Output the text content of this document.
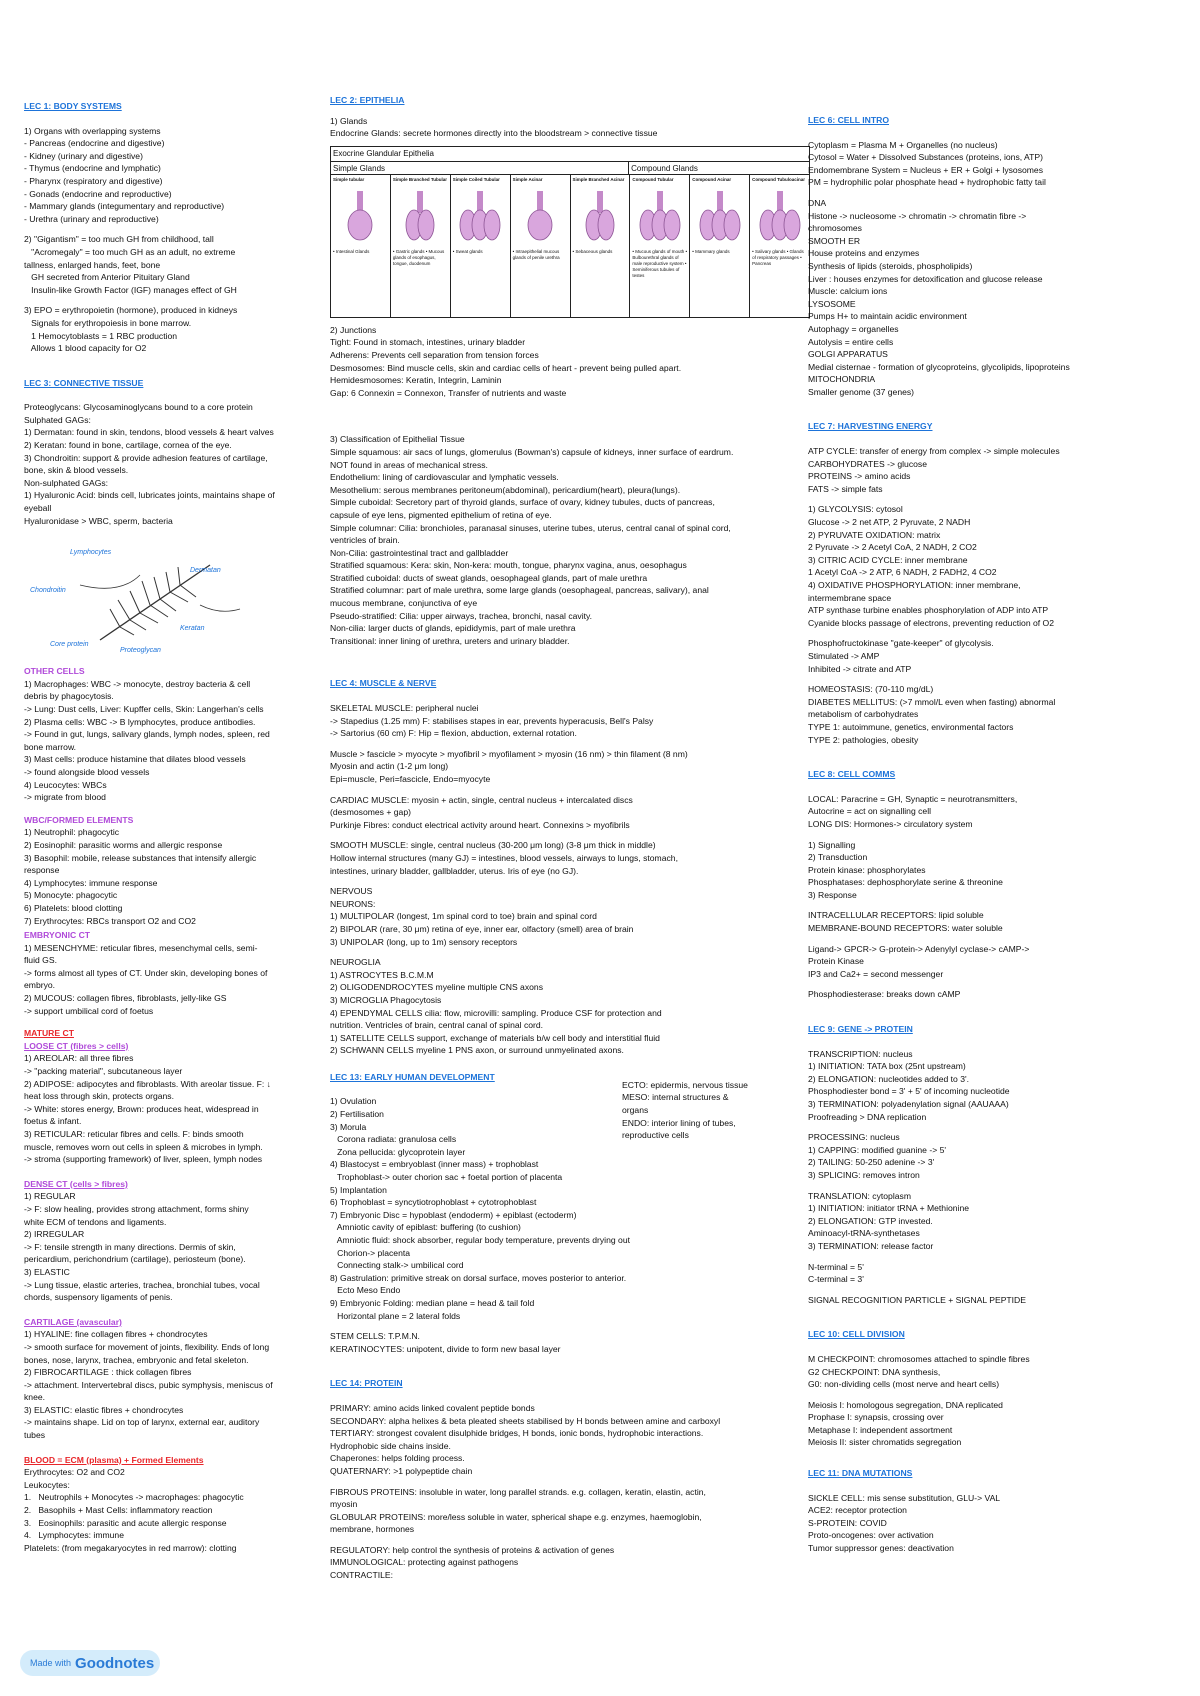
LEC 1: BODY SYSTEMS
1) Organs with overlapping systems
- Pancreas (endocrine and digestive)
- Kidney (urinary and digestive)
- Thymus (endocrine and lymphatic)
- Pharynx (respiratory and digestive)
- Gonads (endocrine and reproductive)
- Mammary glands (integumentary and reproductive)
- Urethra (urinary and reproductive)

2) "Gigantism" = too much GH from childhood, tall
"Acromegaly" = too much GH as an adult, no extreme
tallness, enlarged hands, feet, bone
GH secreted from Anterior Pituitary Gland
Insulin-like Growth Factor (IGF) manages effect of GH

3) EPO = erythropoietin (hormone), produced in kidneys
Signals for erythropoiesis in bone marrow.
1 Hemocytoblasts = 1 RBC production
Allows 1 blood capacity for O2
LEC 3: CONNECTIVE TISSUE
Proteoglycans: Glycosaminoglycans bound to a core protein
Sulphated GAGs:
1) Dermatan: found in skin, tendons, blood vessels & heart valves
2) Keratan: found in bone, cartilage, cornea of the eye.
3) Chondroitin: support & provide adhesion features of cartilage,
bone, skin & blood vessels.
Non-sulphated GAGs:
1) Hyaluronic Acid: binds cell, lubricates joints, maintains shape of
eyeball
Hyaluronidase > WBC, sperm, bacteria
Lymphocytes
Dermatan
Chondroitin
Keratan
Core protein
Proteoglycan
OTHER CELLS
1) Macrophages: WBC -> monocyte, destroy bacteria & cell
debris by phagocytosis.
-> Lung: Dust cells, Liver: Kupffer cells, Skin: Langerhan's cells
2) Plasma cells: WBC -> B lymphocytes, produce antibodies.
-> Found in gut, lungs, salivary glands, lymph nodes, spleen, red
bone marrow.
3) Mast cells: produce histamine that dilates blood vessels
-> found alongside blood vessels
4) Leucocytes: WBCs
-> migrate from blood
WBC/FORMED ELEMENTS
1) Neutrophil: phagocytic
2) Eosinophil: parasitic worms and allergic response
3) Basophil: mobile, release substances that intensify allergic
response
4) Lymphocytes: immune response
5) Monocyte: phagocytic
6) Platelets: blood clotting
7) Erythrocytes: RBCs transport O2 and CO2
EMBRYONIC CT
1) MESENCHYME: reticular fibres, mesenchymal cells, semi-
fluid GS.
-> forms almost all types of CT. Under skin, developing bones of
embryo.
2) MUCOUS: collagen fibres, fibroblasts, jelly-like GS
-> support umbilical cord of foetus
MATURE CT
LOOSE CT (fibres > cells)
1) AREOLAR: all three fibres
-> "packing material", subcutaneous layer
2) ADIPOSE: adipocytes and fibroblasts. With areolar tissue. F: ↓
heat loss through skin, protects organs.
-> White: stores energy, Brown: produces heat, widespread in
foetus & infant.
3) RETICULAR: reticular fibres and cells. F: binds smooth
muscle, removes worn out cells in spleen & microbes in lymph.
-> stroma (supporting framework) of liver, spleen, lymph nodes
DENSE CT (cells > fibres)
1) REGULAR
-> F: slow healing, provides strong attachment, forms shiny
white ECM of tendons and ligaments.
2) IRREGULAR
-> F: tensile strength in many directions. Dermis of skin,
pericardium, perichondrium (cartilage), periosteum (bone).
3) ELASTIC
-> Lung tissue, elastic arteries, trachea, bronchial tubes, vocal
chords, suspensory ligaments of penis.
CARTILAGE (avascular)
1) HYALINE: fine collagen fibres + chondrocytes
-> smooth surface for movement of joints, flexibility. Ends of long
bones, nose, larynx, trachea, embryonic and fetal skeleton.
2) FIBROCARTILAGE : thick collagen fibres
-> attachment. Intervertebral discs, pubic symphysis, meniscus of
knee.
3) ELASTIC: elastic fibres + chondrocytes
-> maintains shape. Lid on top of larynx, external ear, auditory
tubes
BLOOD = ECM (plasma) + Formed Elements
Erythrocytes: O2 and CO2
Leukocytes:
1.   Neutrophils + Monocytes -> macrophages: phagocytic
2.   Basophils + Mast Cells: inflammatory reaction
3.   Eosinophils: parasitic and acute allergic response
4.   Lymphocytes: immune
Platelets: (from megakaryocytes in red marrow): clotting
LEC 2: EPITHELIA
1) Glands
Endocrine Glands: secrete hormones directly into the bloodstream > connective tissue
Exocrine Glandular Epithelia
Simple Glands	Compound Glands
Simple tubular
• Intestinal Glands
Simple Branched Tubular
• Gastric glands • Mucous glands of esophagus, tongue, duodenum
Simple Coiled Tubular
• Sweat glands
Simple Acinar
• Intraepithelial mucous glands of penile urethra
Simple Branched Acinar
• Sebaceous glands
Compound Tubular
• Mucous glands of mouth • Bulbourethral glands of male reproductive system • Seminiferous tubules of testes
Compound Acinar
• Mammary glands
Compound Tubuloacinar
• Salivary glands • Glands of respiratory passages • Pancreas
2) Junctions
Tight: Found in stomach, intestines, urinary bladder
Adherens: Prevents cell separation from tension forces
Desmosomes: Bind muscle cells, skin and cardiac cells of heart - prevent being pulled apart.
Hemidesmosomes: Keratin, Integrin, Laminin
Gap: 6 Connexin = Connexon, Transfer of nutrients and waste
3) Classification of Epithelial Tissue
Simple squamous: air sacs of lungs, glomerulus (Bowman's) capsule of kidneys, inner surface of eardrum.
NOT found in areas of mechanical stress.
Endothelium: lining of cardiovascular and lymphatic vessels.
Mesothelium: serous membranes peritoneum(abdominal), pericardium(heart), pleura(lungs).
Simple cuboidal: Secretory part of thyroid glands, surface of ovary, kidney tubules, ducts of pancreas,
capsule of eye lens, pigmented epithelium of retina of eye.
Simple columnar: Cilia: bronchioles, paranasal sinuses, uterine tubes, uterus, central canal of spinal cord,
ventricles of brain.
Non-Cilia: gastrointestinal tract and gallbladder
Stratified squamous: Kera: skin, Non-kera: mouth, tongue, pharynx vagina, anus, oesophagus
Stratified cuboidal: ducts of sweat glands, oesophageal glands, part of male urethra
Stratified columnar: part of male urethra, some large glands (oesophageal, pancreas, salivary), anal
mucous membrane, conjunctiva of eye
Pseudo-stratified: Cilia: upper airways, trachea, bronchi, nasal cavity.
Non-cilia: larger ducts of glands, epididymis, part of male urethra
Transitional: inner lining of urethra, ureters and urinary bladder.
LEC 4: MUSCLE & NERVE
SKELETAL MUSCLE: peripheral nuclei
-> Stapedius (1.25 mm) F: stabilises stapes in ear, prevents hyperacusis, Bell's Palsy
-> Sartorius (60 cm) F: Hip = flexion, abduction, external rotation.

Muscle > fascicle > myocyte > myofibril > myofilament > myosin (16 nm) > thin filament (8 nm)
Myosin and actin (1-2 μm long)
Epi=muscle, Peri=fascicle, Endo=myocyte

CARDIAC MUSCLE: myosin + actin, single, central nucleus + intercalated discs
(desmosomes + gap)
Purkinje Fibres: conduct electrical activity around heart. Connexins > myofibrils

SMOOTH MUSCLE: single, central nucleus (30-200 μm long) (3-8 μm thick in middle)
Hollow internal structures (many GJ) = intestines, blood vessels, airways to lungs, stomach,
intestines, urinary bladder, gallbladder, uterus. Iris of eye (no GJ).

NERVOUS
NEURONS:
1) MULTIPOLAR (longest, 1m spinal cord to toe) brain and spinal cord
2) BIPOLAR (rare, 30 μm) retina of eye, inner ear, olfactory (smell) area of brain
3) UNIPOLAR (long, up to 1m) sensory receptors

NEUROGLIA
1) ASTROCYTES B.C.M.M
2) OLIGODENDROCYTES myeline multiple CNS axons
3) MICROGLIA Phagocytosis
4) EPENDYMAL CELLS cilia: flow, microvilli: sampling. Produce CSF for protection and
nutrition. Ventricles of brain, central canal of spinal cord.
1) SATELLITE CELLS support, exchange of materials b/w cell body and interstitial fluid
2) SCHWANN CELLS myeline 1 PNS axon, or surround unmyelinated axons.
LEC 13: EARLY HUMAN DEVELOPMENT
1) Ovulation
2) Fertilisation
3) Morula
Corona radiata: granulosa cells
Zona pellucida: glycoprotein layer
4) Blastocyst = embryoblast (inner mass) + trophoblast
Trophoblast-> outer chorion sac + foetal portion of placenta
5) Implantation
6) Trophoblast = syncytiotrophoblast + cytotrophoblast
7) Embryonic Disc = hypoblast (endoderm) + epiblast (ectoderm)
Amniotic cavity of epiblast: buffering (to cushion)
Amniotic fluid: shock absorber, regular body temperature, prevents drying out
Chorion-> placenta
Connecting stalk-> umbilical cord
8) Gastrulation: primitive streak on dorsal surface, moves posterior to anterior.
Ecto Meso Endo
9) Embryonic Folding: median plane = head & tail fold
Horizontal plane = 2 lateral folds

STEM CELLS: T.P.M.N.
KERATINOCYTES: unipotent, divide to form new basal layer
ECTO: epidermis, nervous tissue
MESO: internal structures &
organs
ENDO: interior lining of tubes,
reproductive cells
LEC 14: PROTEIN
PRIMARY: amino acids linked covalent peptide bonds
SECONDARY: alpha helixes & beta pleated sheets stabilised by H bonds between amine and carboxyl
TERTIARY: strongest covalent disulphide bridges, H bonds, ionic bonds, hydrophobic interactions.
Hydrophobic side chains inside.
Chaperones: helps folding process.
QUATERNARY: >1 polypeptide chain

FIBROUS PROTEINS: insoluble in water, long parallel strands. e.g. collagen, keratin, elastin, actin,
myosin
GLOBULAR PROTEINS: more/less soluble in water, spherical shape e.g. enzymes, haemoglobin,
membrane, hormones

REGULATORY: help control the synthesis of proteins & activation of genes
IMMUNOLOGICAL: protecting against pathogens
CONTRACTILE:
LEC 6: CELL INTRO
Cytoplasm = Plasma M + Organelles (no nucleus)
Cytosol = Water + Dissolved Substances (proteins, ions, ATP)
Endomembrane System = Nucleus + ER + Golgi + lysosomes
PM = hydrophilic polar phosphate head + hydrophobic fatty tail

DNA
Histone -> nucleosome -> chromatin -> chromatin fibre ->
chromosomes
SMOOTH ER
House proteins and enzymes
Synthesis of lipids (steroids, phospholipids)
Liver : houses enzymes for detoxification and glucose release
Muscle: calcium ions
LYSOSOME
Pumps H+ to maintain acidic environment
Autophagy = organelles
Autolysis = entire cells
GOLGI APPARATUS
Medial cisternae - formation of glycoproteins, glycolipids, lipoproteins
MITOCHONDRIA
Smaller genome (37 genes)
LEC 7: HARVESTING ENERGY
ATP CYCLE: transfer of energy from complex -> simple molecules
CARBOHYDRATES -> glucose
PROTEINS -> amino acids
FATS -> simple fats

1) GLYCOLYSIS: cytosol
Glucose -> 2 net ATP, 2 Pyruvate, 2 NADH
2) PYRUVATE OXIDATION: matrix
2 Pyruvate -> 2 Acetyl CoA, 2 NADH, 2 CO2
3) CITRIC ACID CYCLE: inner membrane
1 Acetyl CoA -> 2 ATP, 6 NADH, 2 FADH2, 4 CO2
4) OXIDATIVE PHOSPHORYLATION: inner membrane,
intermembrane space
ATP synthase turbine enables phosphorylation of ADP into ATP
Cyanide blocks passage of electrons, preventing reduction of O2

Phosphofructokinase "gate-keeper" of glycolysis.
Stimulated -> AMP
Inhibited -> citrate and ATP

HOMEOSTASIS: (70-110 mg/dL)
DIABETES MELLITUS: (>7 mmol/L even when fasting) abnormal
metabolism of carbohydrates
TYPE 1: autoimmune, genetics, environmental factors
TYPE 2: pathologies, obesity
LEC 8: CELL COMMS
LOCAL: Paracrine = GH, Synaptic = neurotransmitters,
Autocrine = act on signalling cell
LONG DIS: Hormones-> circulatory system

1) Signalling
2) Transduction
Protein kinase: phosphorylates
Phosphatases: dephosphorylate serine & threonine
3) Response

INTRACELLULAR RECEPTORS: lipid soluble
MEMBRANE-BOUND RECEPTORS: water soluble

Ligand-> GPCR-> G-protein-> Adenylyl cyclase-> cAMP->
Protein Kinase
IP3 and Ca2+ = second messenger

Phosphodiesterase: breaks down cAMP
LEC 9: GENE -> PROTEIN
TRANSCRIPTION: nucleus
1) INITIATION: TATA box (25nt upstream)
2) ELONGATION: nucleotides added to 3'.
Phosphodiester bond = 3' + 5' of incoming nucleotide
3) TERMINATION: polyadenylation signal (AAUAAA)
Proofreading > DNA replication

PROCESSING: nucleus
1) CAPPING: modified guanine -> 5'
2) TAILING: 50-250 adenine -> 3'
3) SPLICING: removes intron

TRANSLATION: cytoplasm
1) INITIATION: initiator tRNA + Methionine
2) ELONGATION: GTP invested.
Aminoacyl-tRNA-synthetases
3) TERMINATION: release factor

N-terminal = 5'
C-terminal = 3'

SIGNAL RECOGNITION PARTICLE + SIGNAL PEPTIDE
LEC 10: CELL DIVISION
M CHECKPOINT: chromosomes attached to spindle fibres
G2 CHECKPOINT: DNA synthesis,
G0: non-dividing cells (most nerve and heart cells)

Meiosis I: homologous segregation, DNA replicated
Prophase I: synapsis, crossing over
Metaphase I: independent assortment
Meiosis II: sister chromatids segregation
LEC 11: DNA MUTATIONS
SICKLE CELL: mis sense substitution, GLU-> VAL
ACE2: receptor protection
S-PROTEIN: COVID
Proto-oncogenes: over activation
Tumor suppressor genes: deactivation
Made with Goodnotes
